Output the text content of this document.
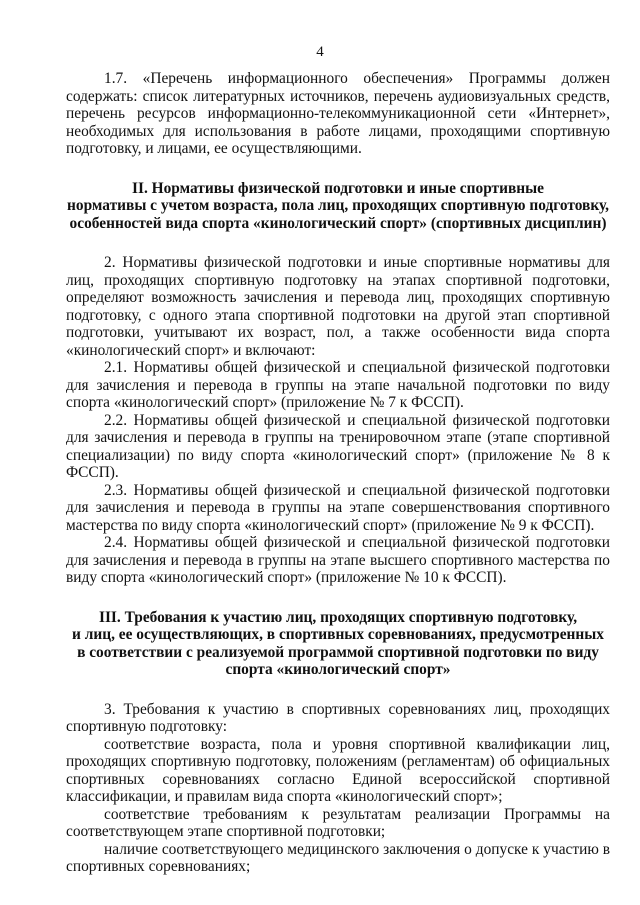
4

1.7. «Перечень информационного обеспечения» Программы должен содержать: список литературных источников, перечень аудиовизуальных средств, перечень ресурсов информационно-телекоммуникационной сети «Интернет», необходимых для использования в работе лицами, проходящими спортивную подготовку, и лицами, ее осуществляющими.

II. Нормативы физической подготовки и иные спортивные

нормативы с учетом возраста, пола лиц, проходящих спортивную подготовку,

особенностей вида спорта «кинологический спорт» (спортивных дисциплин)

2. Нормативы физической подготовки и иные спортивные нормативы для лиц, проходящих спортивную подготовку на этапах спортивной подготовки, определяют возможность зачисления и перевода лиц, проходящих спортивную подготовку, с одного этапа спортивной подготовки на другой этап спортивной подготовки, учитывают их возраст, пол, а также особенности вида спорта «кинологический спорт» и включают:

2.1. Нормативы общей физической и специальной физической подготовки для зачисления и перевода в группы на этапе начальной подготовки по виду спорта «кинологический спорт» (приложение № 7 к ФССП).

2.2. Нормативы общей физической и специальной физической подготовки для зачисления и перевода в группы на тренировочном этапе (этапе спортивной специализации) по виду спорта «кинологический спорт» (приложение № 8 к ФССП).

2.3. Нормативы общей физической и специальной физической подготовки для зачисления и перевода в группы на этапе совершенствования спортивного мастерства по виду спорта «кинологический спорт» (приложение № 9 к ФССП).

2.4. Нормативы общей физической и специальной физической подготовки для зачисления и перевода в группы на этапе высшего спортивного мастерства по виду спорта «кинологический спорт» (приложение № 10 к ФССП).

III. Требования к участию лиц, проходящих спортивную подготовку,

и лиц, ее осуществляющих, в спортивных соревнованиях, предусмотренных

в соответствии с реализуемой программой спортивной подготовки по виду

спорта «кинологический спорт»

3. Требования к участию в спортивных соревнованиях лиц, проходящих спортивную подготовку:

соответствие возраста, пола и уровня спортивной квалификации лиц, проходящих спортивную подготовку, положениям (регламентам) об официальных спортивных соревнованиях согласно Единой всероссийской спортивной классификации, и правилам вида спорта «кинологический спорт»;

соответствие требованиям к результатам реализации Программы на соответствующем этапе спортивной подготовки;

наличие соответствующего медицинского заключения о допуске к участию в спортивных соревнованиях;
